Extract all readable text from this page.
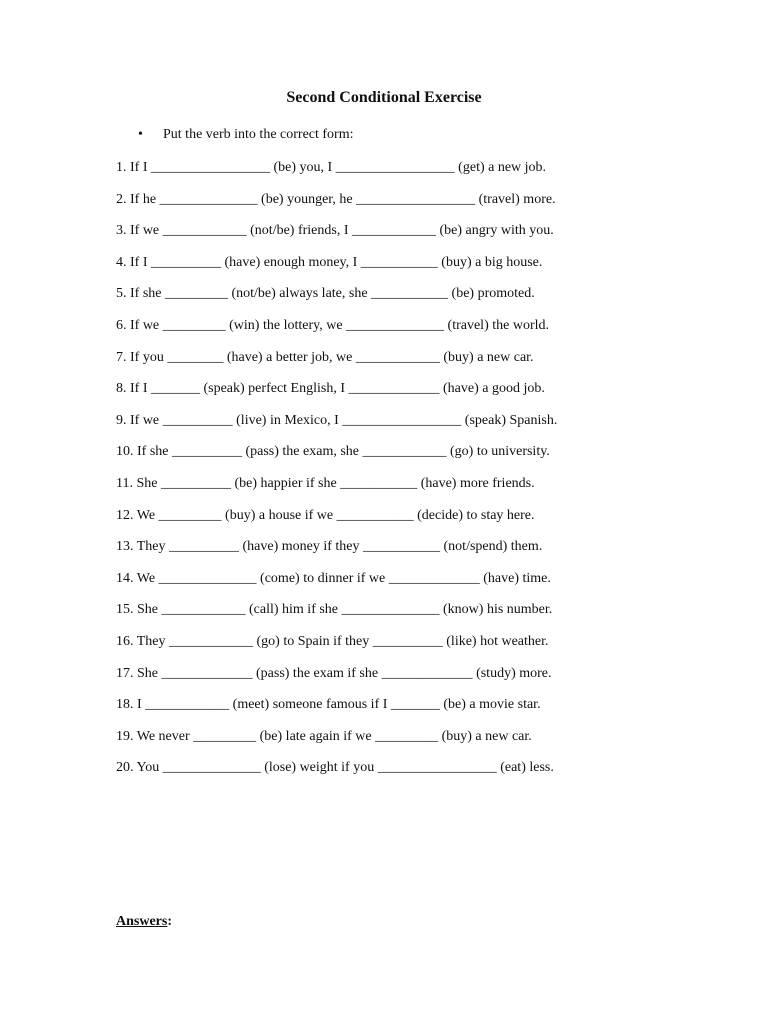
Second Conditional Exercise
• Put the verb into the correct form:
1. If I _________________ (be) you, I _________________ (get) a new job.
2. If he ______________ (be) younger, he _________________ (travel) more.
3. If we ____________ (not/be) friends, I ____________ (be) angry with you.
4. If I __________ (have) enough money, I ___________ (buy) a big house.
5. If she _________ (not/be) always late, she ___________ (be) promoted.
6. If we _________ (win) the lottery, we ______________ (travel) the world.
7. If you ________ (have) a better job, we ____________ (buy) a new car.
8. If I _______ (speak) perfect English, I _____________ (have) a good job.
9. If we __________ (live) in Mexico, I _________________ (speak) Spanish.
10. If she __________ (pass) the exam, she ____________ (go) to university.
11. She __________ (be) happier if she ___________ (have) more friends.
12. We _________ (buy) a house if we ___________ (decide) to stay here.
13. They __________ (have) money if they ___________ (not/spend) them.
14. We ______________ (come) to dinner if we _____________ (have) time.
15. She ____________ (call) him if she ______________ (know) his number.
16. They ____________ (go) to Spain if they __________ (like) hot weather.
17. She _____________ (pass) the exam if she _____________ (study) more.
18. I ____________ (meet) someone famous if I _______ (be) a movie star.
19. We never _________ (be) late again if we _________ (buy) a new car.
20. You ______________ (lose) weight if you _________________ (eat) less.
Answers:
